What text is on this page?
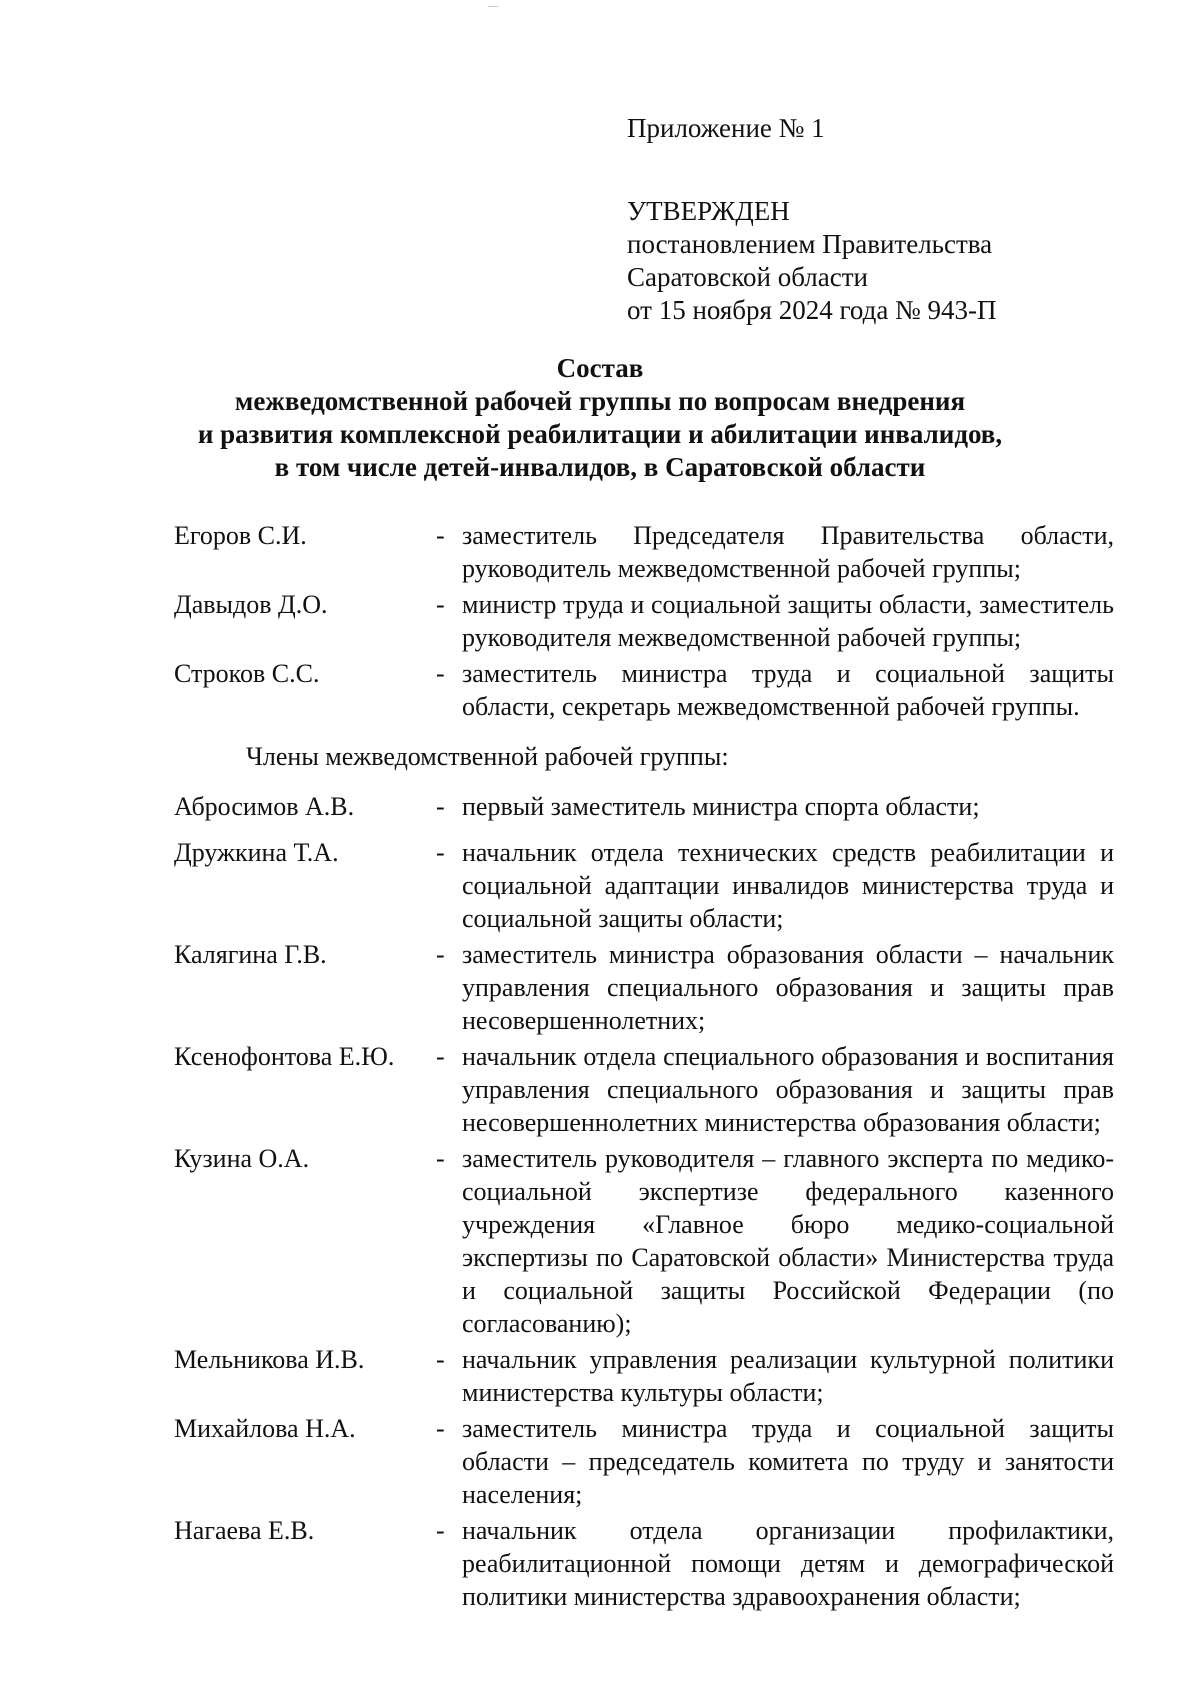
Приложение № 1
УТВЕРЖДЕН
постановлением Правительства
Саратовской области
от 15 ноября 2024 года № 943-П
Состав
межведомственной рабочей группы по вопросам внедрения
и развития комплексной реабилитации и абилитации инвалидов,
в том числе детей-инвалидов, в Саратовской области
Егоров С.И.	- заместитель Председателя Правительства области, руководитель межведомственной рабочей группы;
Давыдов Д.О.	- министр труда и социальной защиты области, заместитель руководителя межведомственной рабочей группы;
Строков С.С.	- заместитель министра труда и социальной защиты области, секретарь межведомственной рабочей группы.
Члены межведомственной рабочей группы:
Абросимов А.В.	- первый заместитель министра спорта области;
Дружкина Т.А.	- начальник отдела технических средств реабилитации и социальной адаптации инвалидов министерства труда и социальной защиты области;
Калягина Г.В.	- заместитель министра образования области – начальник управления специального образования и защиты прав несовершеннолетних;
Ксенофонтова Е.Ю.	- начальник отдела специального образования и воспитания управления специального образования и защиты прав несовершеннолетних министерства образования области;
Кузина О.А.	- заместитель руководителя – главного эксперта по медико-социальной экспертизе федерального казенного учреждения «Главное бюро медико-социальной экспертизы по Саратовской области» Министерства труда и социальной защиты Российской Федерации (по согласованию);
Мельникова И.В.	- начальник управления реализации культурной политики министерства культуры области;
Михайлова Н.А.	- заместитель министра труда и социальной защиты области – председатель комитета по труду и занятости населения;
Нагаева Е.В.	- начальник отдела организации профилактики, реабилитационной помощи детям и демографической политики министерства здравоохранения области;
